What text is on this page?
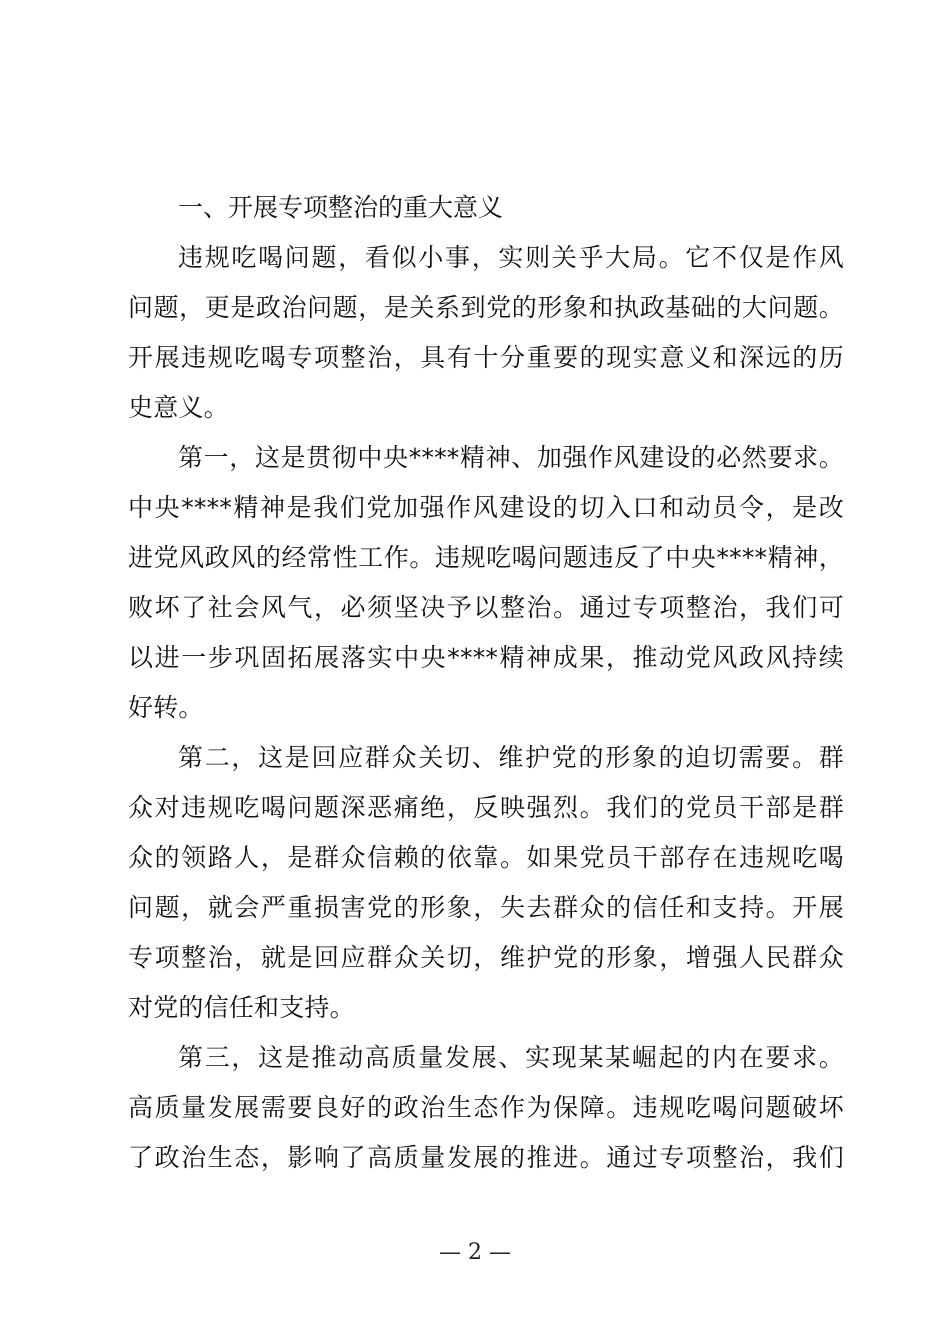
一、开展专项整治的重大意义

违规吃喝问题，看似小事，实则关乎大局。它不仅是作风
问题，更是政治问题，是关系到党的形象和执政基础的大问题。
开展违规吃喝专项整治，具有十分重要的现实意义和深远的历
史意义。
第一，这是贯彻中央****精神、加强作风建设的必然要求。
中央****精神是我们党加强作风建设的切入口和动员令，是改
进党风政风的经常性工作。违规吃喝问题违反了中央****精神，
败坏了社会风气，必须坚决予以整治。通过专项整治，我们可
以进一步巩固拓展落实中央****精神成果，推动党风政风持续
好转。
第二，这是回应群众关切、维护党的形象的迫切需要。群
众对违规吃喝问题深恶痛绝，反映强烈。我们的党员干部是群
众的领路人，是群众信赖的依靠。如果党员干部存在违规吃喝
问题，就会严重损害党的形象，失去群众的信任和支持。开展
专项整治，就是回应群众关切，维护党的形象，增强人民群众
对党的信任和支持。
第三，这是推动高质量发展、实现某某崛起的内在要求。
高质量发展需要良好的政治生态作为保障。违规吃喝问题破坏
了政治生态，影响了高质量发展的推进。通过专项整治，我们
— 2 —
